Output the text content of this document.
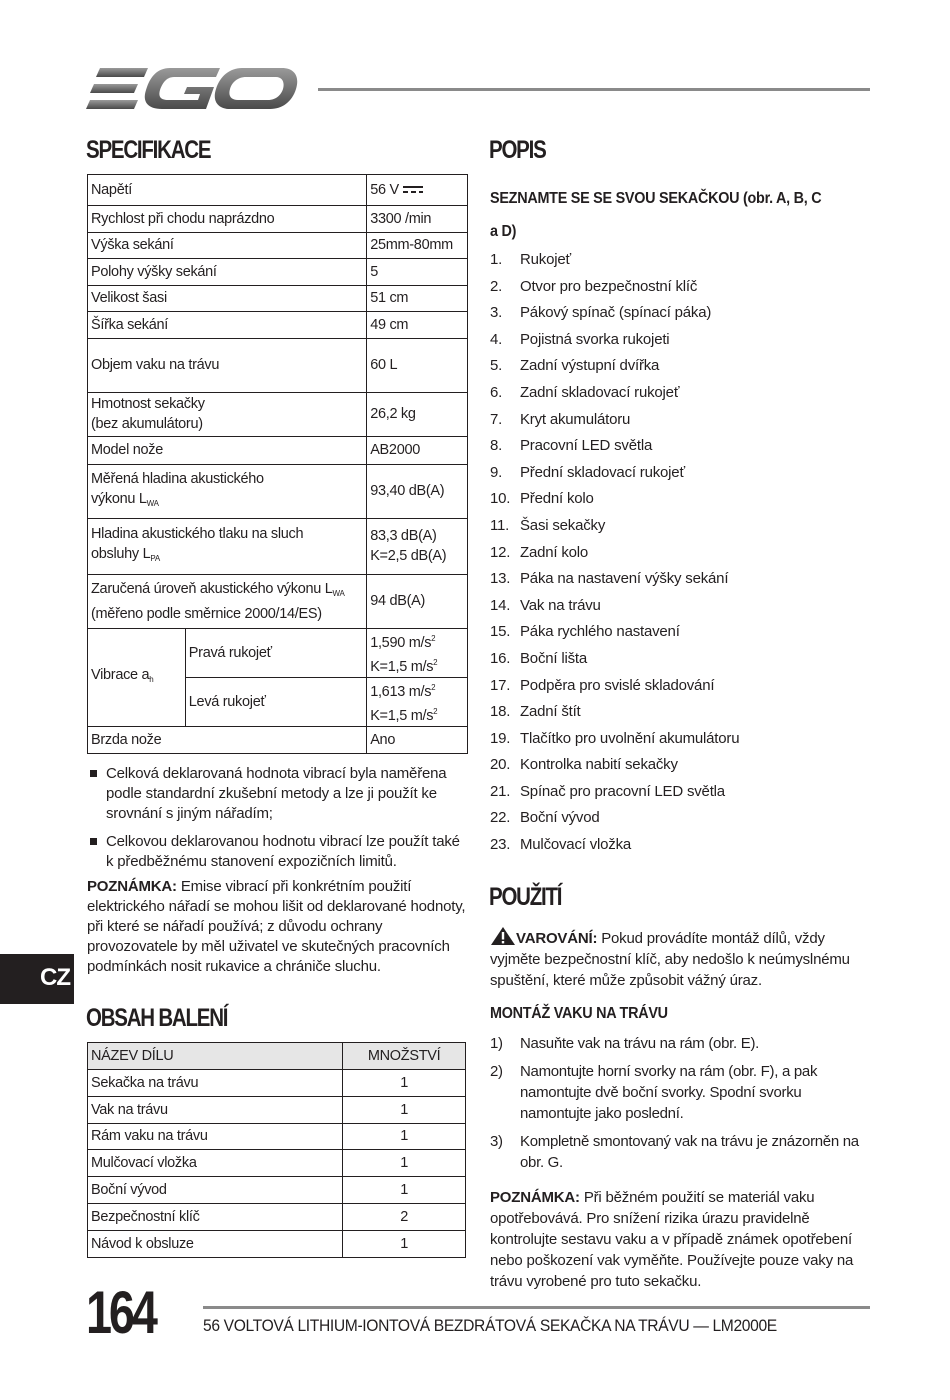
SPECIFIKACE
Napětí		56 V
Rychlost při chodu naprázdno		3300 /min
Výška sekání		25mm-80mm
Polohy výšky sekání		5
Velikost šasi		51 cm
Šířka sekání		49 cm
Objem vaku na trávu		60 L
Hmotnost sekačky
(bez akumulátoru)		26,2 kg
Model nože		AB2000
Měřená hladina akustického
výkonu $L_{WA}$		93,40 dB(A)
Hladina akustického tlaku na sluch
obsluhy $L_{PA}$		83,3 dB(A)
K=2,5 dB(A)
Zaručená úroveň akustického výkonu $L_{WA}$
(měřeno podle směrnice 2000/14/ES)		94 dB(A)
Vibrace $a_h$	Pravá rukojeť	1,590 $m/s^2$
K=1,5 $m/s^2$
	Levá rukojeť	1,613 $m/s^2$
K=1,5 $m/s^2$
Brzda nože		Ano
Celková deklarovaná hodnota vibrací byla naměřena podle standardní zkušební metody a lze ji použít ke srovnání s jiným nářadím;
Celkovou deklarovanou hodnotu vibrací lze použít také k předběžnému stanovení expozičních limitů.
POZNÁMKA: Emise vibrací při konkrétním použití elektrického nářadí se mohou lišit od deklarované hodnoty, při které se nářadí používá; z důvodu ochrany provozovatele by měl uživatel ve skutečných pracovních podmínkách nosit rukavice a chrániče sluchu.
CZ
OBSAH BALENÍ
NÁZEV DÍLU	MNOŽSTVÍ
Sekačka na trávu	1
Vak na trávu	1
Rám vaku na trávu	1
Mulčovací vložka	1
Boční vývod	1
Bezpečnostní klíč	2
Návod k obsluze	1
POPIS
SEZNAMTE SE SE SVOU SEKAČKOU (obr. A, B, C
a D)
1. Rukojeť
2. Otvor pro bezpečnostní klíč
3. Pákový spínač (spínací páka)
4. Pojistná svorka rukojeti
5. Zadní výstupní dvířka
6. Zadní skladovací rukojeť
7. Kryt akumulátoru
8. Pracovní LED světla
9. Přední skladovací rukojeť
10. Přední kolo
11. Šasi sekačky
12. Zadní kolo
13. Páka na nastavení výšky sekání
14. Vak na trávu
15. Páka rychlého nastavení
16. Boční lišta
17. Podpěra pro svislé skladování
18. Zadní štít
19. Tlačítko pro uvolnění akumulátoru
20. Kontrolka nabití sekačky
21. Spínač pro pracovní LED světla
22. Boční vývod
23. Mulčovací vložka
POUŽITÍ
VAROVÁNÍ: Pokud provádíte montáž dílů, vždy vyjměte bezpečnostní klíč, aby nedošlo k neúmyslnému spuštění, které může způsobit vážný úraz.
MONTÁŽ VAKU NA TRÁVU
1) Nasuňte vak na trávu na rám (obr. E).
2) Namontujte horní svorky na rám (obr. F), a pak namontujte dvě boční svorky. Spodní svorku namontujte jako poslední.
3) Kompletně smontovaný vak na trávu je znázorněn na obr. G.
POZNÁMKA: Při běžném použití se materiál vaku opotřebovává. Pro snížení rizika úrazu pravidelně kontrolujte sestavu vaku a v případě známek opotřebení nebo poškození vak vyměňte. Používejte pouze vaky na trávu vyrobené pro tuto sekačku.
164	56 VOLTOVÁ LITHIUM-IONTOVÁ BEZDRÁTOVÁ SEKAČKA NA TRÁVU — LM2000E
